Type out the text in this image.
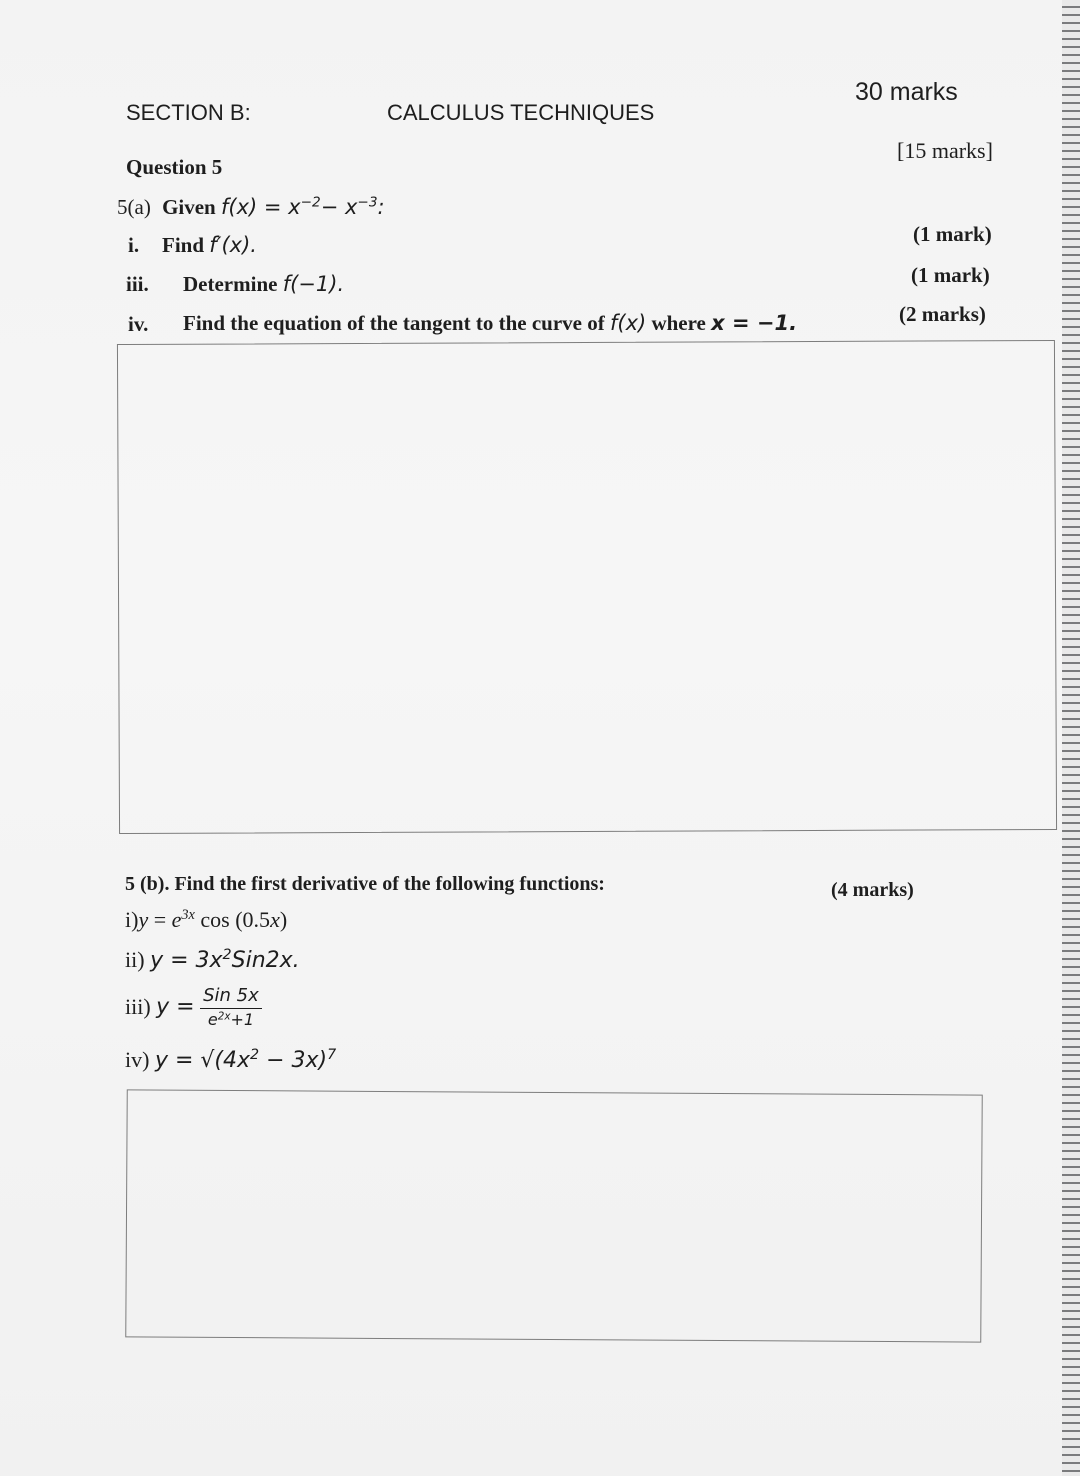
SECTION B:	CALCULUS TECHNIQUES
30 marks
[15 marks]
Question 5
5(a) Given $f(x) = x^{-2}- x^{-3}$:
i. Find f′(x).	(1 mark)
iii. Determine f(−1).	(1 mark)
iv. Find the equation of the tangent to the curve of f(x) where x = −1.	(2 marks)
5 (b). Find the first derivative of the following functions:	(4 marks)
$i)y = e^{3x}$ cos (0.5x)
ii) $y = 3x^2Sin2x$.
iii) $y = \frac{\text{Sin 5x}}{e^{2x}+1}$
iv) $y = √(4x^2 - 3x)^7$
